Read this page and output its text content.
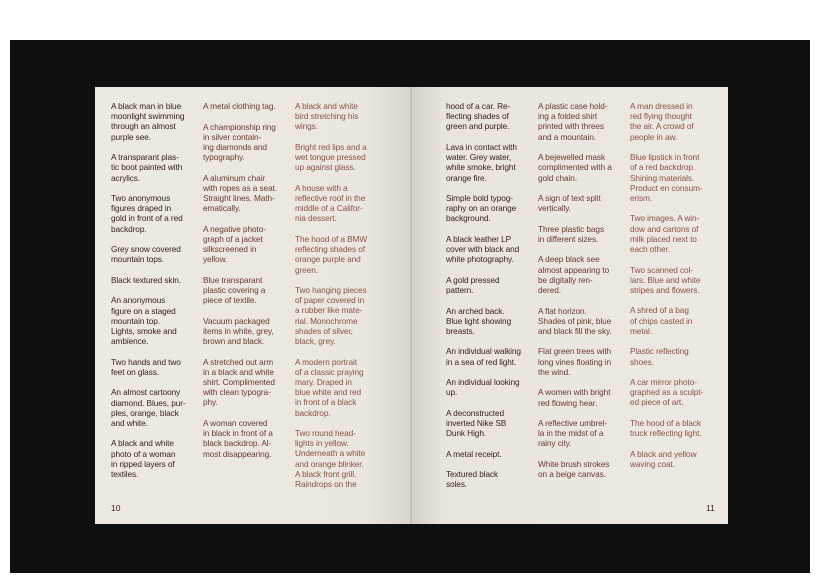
A black man in blue
moonlight swimming
through an almost
purple see.

A transparant plas-
tic boot painted with
acrylics.

Two anonymous
figures draped in
gold in front of a red
backdrop.

Grey snow covered
mountain tops.

Black textured skin.

An anonymous
figure on a staged
mountain top.
Lights, smoke and
ambience.

Two hands and two
feet on glass.

An almost cartoony
diamond. Blues, pur-
ples, orange, black
and white.

A black and white
photo of a woman
in ripped layers of
textiles.

A metal clothing tag.

A championship ring
in silver contain-
ing diamonds and
typography.

A aluminum chair
with ropes as a seat.
Straight lines. Math-
ematically.

A negative photo-
graph of a jacket
silkscreened in
yellow.

Blue transparant
plastic covering a
piece of textile.

Vacuum packaged
items in white, grey,
brown and black.

A stretched out arm
in a black and white
shirt. Complimented
with clean typogra-
phy.

A woman covered
in black in front of a
black backdrop. Al-
most disappearing.

A black and white
bird stretching his
wings.

Bright red lips and a
wet tongue pressed
up against glass.

A house with a
reflective roof in the
middle of a Califor-
nia dessert.

The hood of a BMW
reflecting shades of
orange purple and
green.

Two hanging pieces
of paper covered in
a rubber like mate-
rial. Monochrome
shades of silver,
black, grey.

A modern portrait
of a classic praying
mary. Draped in
blue white and red
in front of a black
backdrop.

Two round head-
lights in yellow.
Underneath a white
and orange blinker.
A black front grill.
Raindrops on the

hood of a car. Re-
flecting shades of
green and purple.

Lava in contact with
water. Grey water,
white smoke, bright
orange fire.

Simple bold typog-
raphy on an orange
background.

A black leather LP
cover with black and
white photography.

A gold pressed
pattern.

An arched back.
Blue light showing
breasts.

An individual walking
in a sea of red light.

An individual looking
up.

A deconstructed
inverted Nike SB
Dunk High.

A metal receipt.

Textured black
soles.

A plastic case hold-
ing a folded shirt
printed with threes
and a mountain.

A bejewelled mask
complimented with a
gold chain.

A sign of text split
vertically.

Three plastic bags
in different sizes.

A deep black see
almost appearing to
be digitally ren-
dered.

A flat horizon.
Shades of pink, blue
and black fill the sky.

Flat green trees with
long vines floating in
the wind.

A women with bright
red flowing hear.

A reflective umbrel-
la in the midst of a
rainy city.

White brush strokes
on a beige canvas.

A man dressed in
red flying thought
the air. A crowd of
people in aw.

Blue lipstick in front
of a red backdrop.
Shining materials.
Product en consum-
erism.

Two images. A win-
dow and cartons of
milk placed next to
each other.

Two scanned col-
lars. Blue and white
stripes and flowers.

A shred of a bag
of chips casted in
metal.

Plastic reflecting
shoes.

A car mirror photo-
graphed as a sculpt-
ed piece of art.

The hood of a black
truck reflecting light.

A black and yellow
waving coat.

10	11
